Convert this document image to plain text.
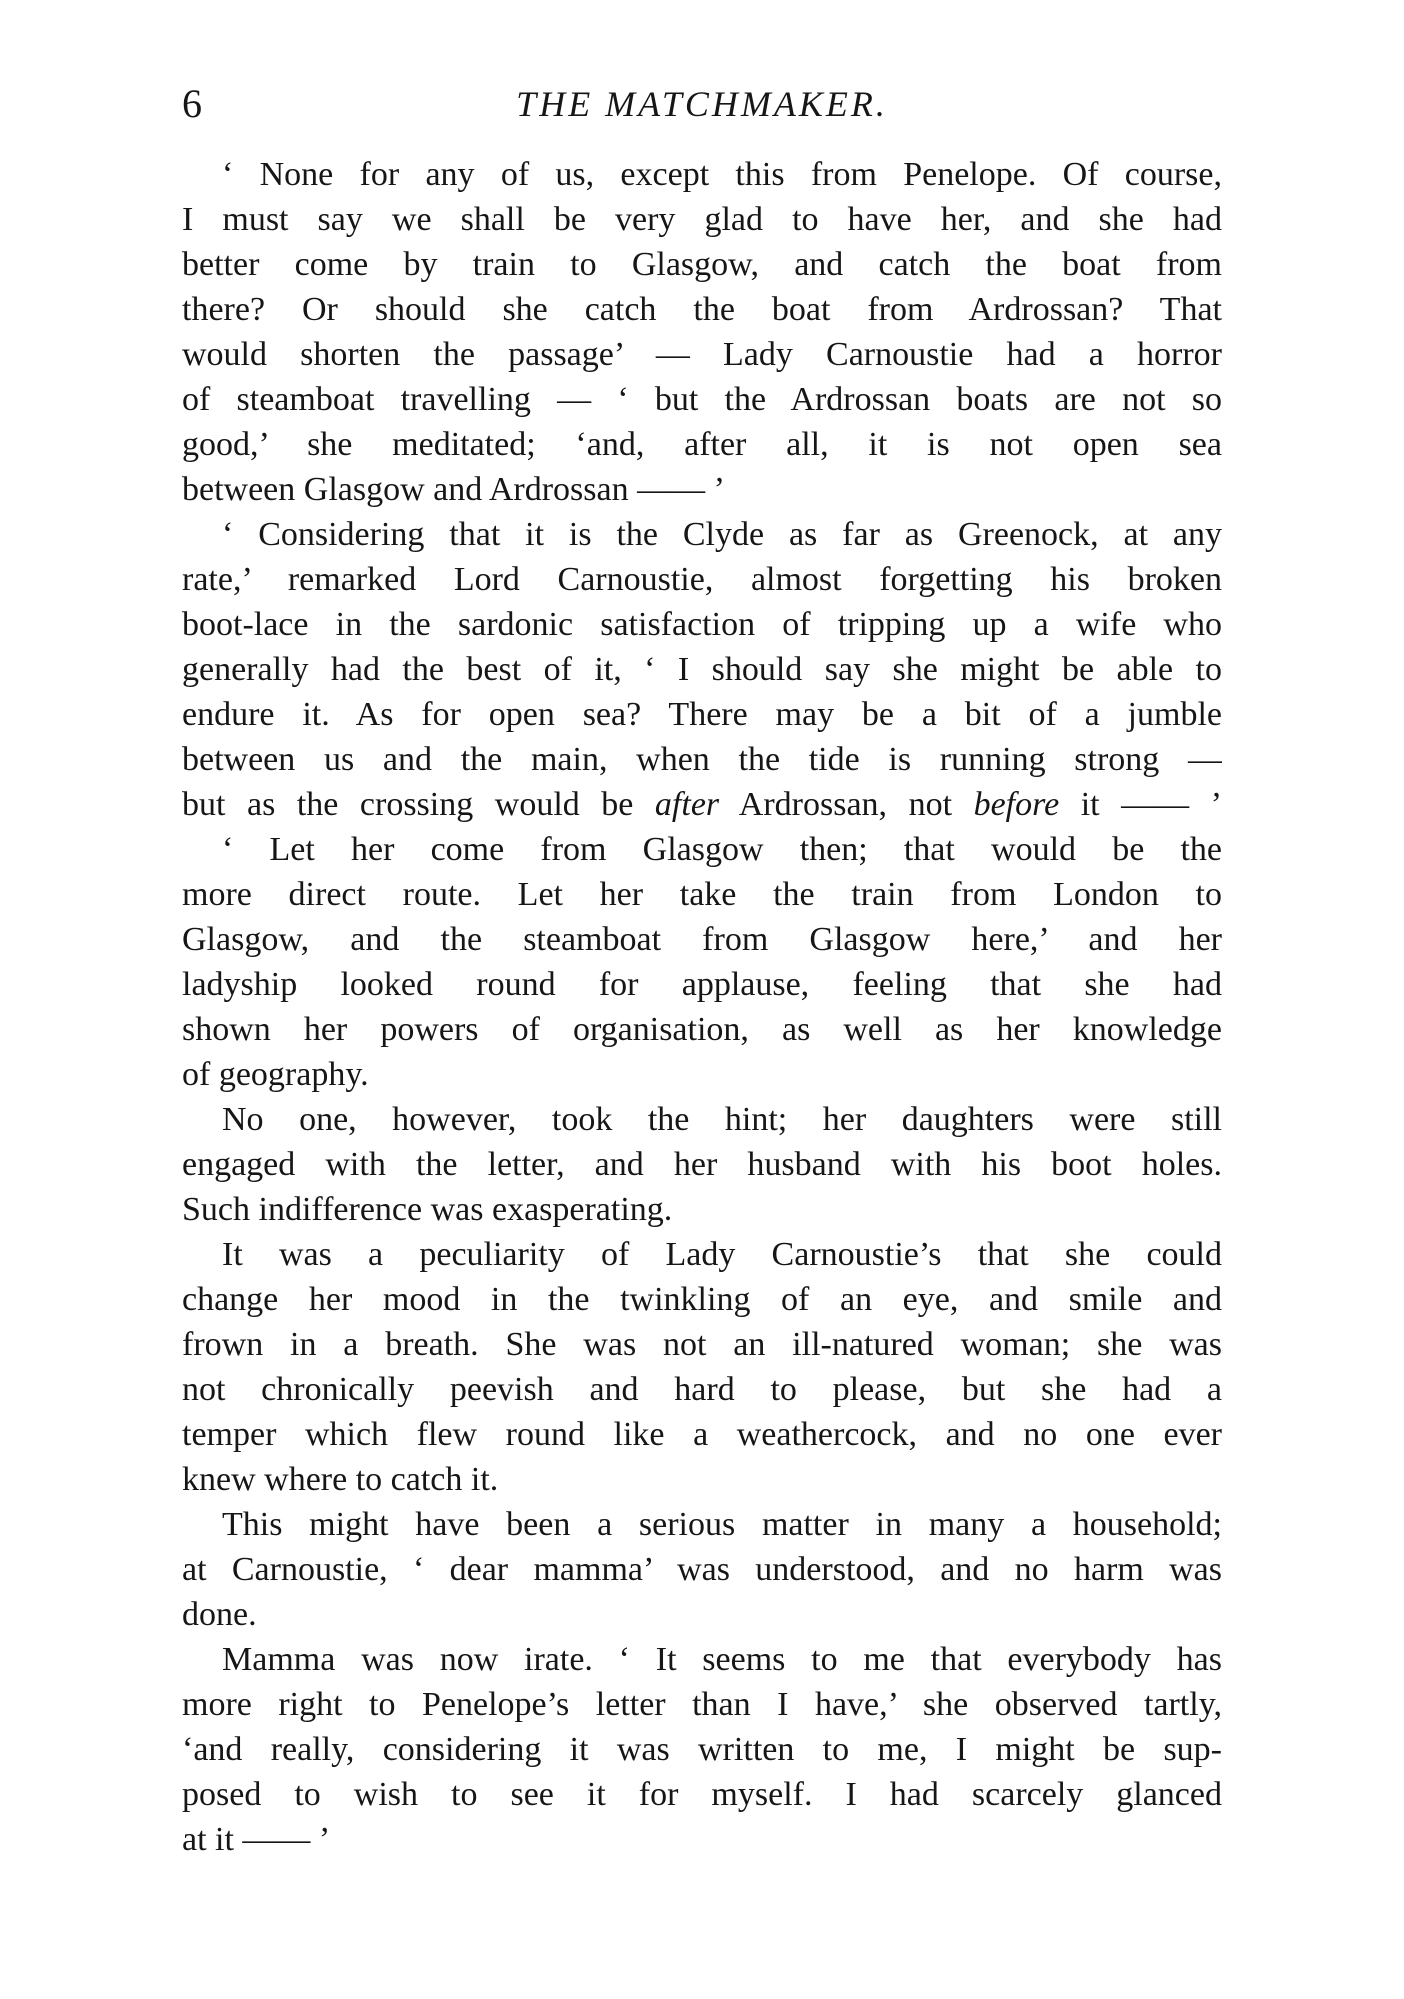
6	THE MATCHMAKER.
‘ None for any of us, except this from Penelope. Of course,
I must say we shall be very glad to have her, and she had
better come by train to Glasgow, and catch the boat from
there? Or should she catch the boat from Ardrossan? That
would shorten the passage’ — Lady Carnoustie had a horror
of steamboat travelling — ‘ but the Ardrossan boats are not so
good,’ she meditated; ‘and, after all, it is not open sea
between Glasgow and Ardrossan —— ’
‘ Considering that it is the Clyde as far as Greenock, at any
rate,’ remarked Lord Carnoustie, almost forgetting his broken
boot-lace in the sardonic satisfaction of tripping up a wife who
generally had the best of it, ‘ I should say she might be able to
endure it. As for open sea? There may be a bit of a jumble
between us and the main, when the tide is running strong —
but as the crossing would be after Ardrossan, not before it —— ’
‘ Let her come from Glasgow then; that would be the
more direct route. Let her take the train from London to
Glasgow, and the steamboat from Glasgow here,’ and her
ladyship looked round for applause, feeling that she had
shown her powers of organisation, as well as her knowledge
of geography.
No one, however, took the hint; her daughters were still
engaged with the letter, and her husband with his boot holes.
Such indifference was exasperating.
It was a peculiarity of Lady Carnoustie’s that she could
change her mood in the twinkling of an eye, and smile and
frown in a breath. She was not an ill-natured woman; she was
not chronically peevish and hard to please, but she had a
temper which flew round like a weathercock, and no one ever
knew where to catch it.
This might have been a serious matter in many a household;
at Carnoustie, ‘ dear mamma’ was understood, and no harm was
done.
Mamma was now irate. ‘ It seems to me that everybody has
more right to Penelope’s letter than I have,’ she observed tartly,
‘and really, considering it was written to me, I might be sup-
posed to wish to see it for myself. I had scarcely glanced
at it —— ’
